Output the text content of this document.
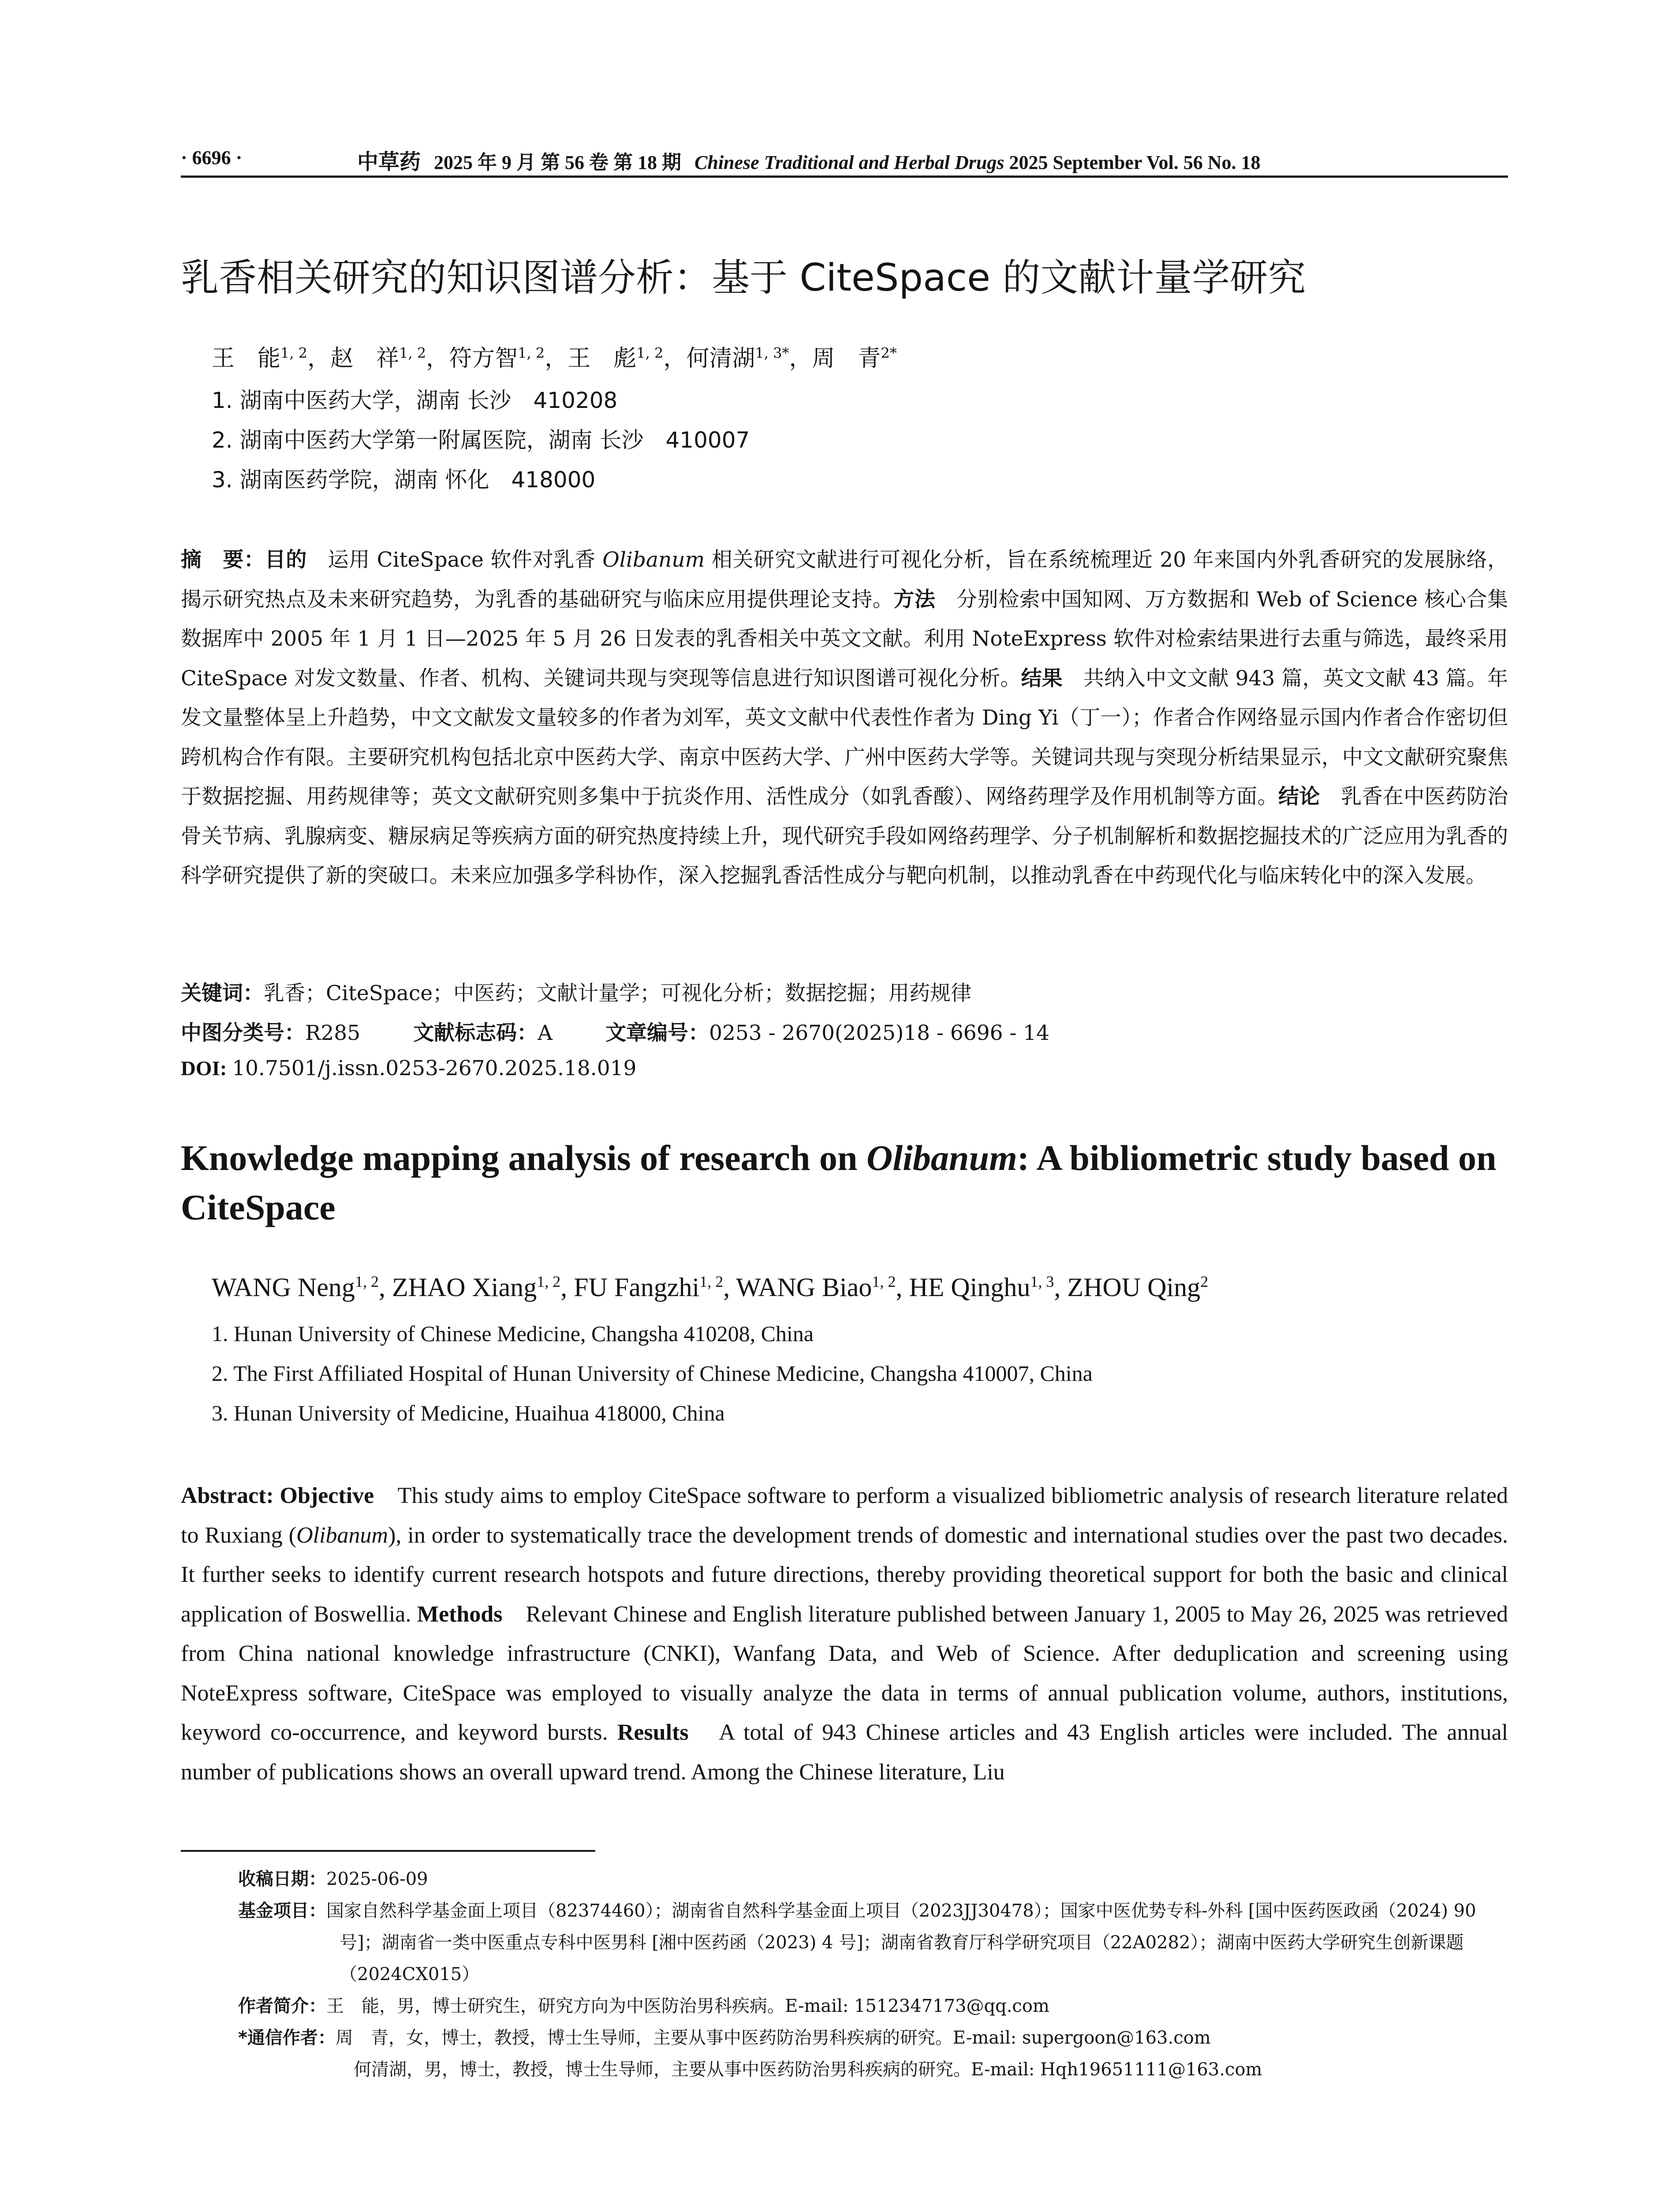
· 6696 ·	中草药 2025 年 9 月 第 56 卷 第 18 期 Chinese Traditional and Herbal Drugs 2025 September Vol. 56 No. 18
乳香相关研究的知识图谱分析：基于 CiteSpace 的文献计量学研究
王　能$^{1, 2}$，赵　祥$^{1, 2}$，符方智$^{1, 2}$，王　彪$^{1, 2}$，何清湖$^{1, 3*}$，周　青$^{2*}$
1. 湖南中医药大学，湖南 长沙　410208
2. 湖南中医药大学第一附属医院，湖南 长沙　410007
3. 湖南医药学院，湖南 怀化　418000

摘　要：目的　运用 CiteSpace 软件对乳香 Olibanum 相关研究文献进行可视化分析，旨在系统梳理近 20 年来国内外乳香研究的发展脉络，揭示研究热点及未来研究趋势，为乳香的基础研究与临床应用提供理论支持。方法　分别检索中国知网、万方数据和 Web of Science 核心合集数据库中 2005 年 1 月 1 日—2025 年 5 月 26 日发表的乳香相关中英文文献。利用 NoteExpress 软件对检索结果进行去重与筛选，最终采用 CiteSpace 对发文数量、作者、机构、关键词共现与突现等信息进行知识图谱可视化分析。结果　共纳入中文文献 943 篇，英文文献 43 篇。年发文量整体呈上升趋势，中文文献发文量较多的作者为刘军，英文文献中代表性作者为 Ding Yi（丁一）；作者合作网络显示国内作者合作密切但跨机构合作有限。主要研究机构包括北京中医药大学、南京中医药大学、广州中医药大学等。关键词共现与突现分析结果显示，中文文献研究聚焦于数据挖掘、用药规律等；英文文献研究则多集中于抗炎作用、活性成分（如乳香酸）、网络药理学及作用机制等方面。结论　乳香在中医药防治骨关节病、乳腺病变、糖尿病足等疾病方面的研究热度持续上升，现代研究手段如网络药理学、分子机制解析和数据挖掘技术的广泛应用为乳香的科学研究提供了新的突破口。未来应加强多学科协作，深入挖掘乳香活性成分与靶向机制，以推动乳香在中药现代化与临床转化中的深入发展。

关键词：乳香；CiteSpace；中医药；文献计量学；可视化分析；数据挖掘；用药规律
中图分类号：R285	文献标志码：A	文章编号：0253 - 2670(2025)18 - 6696 - 14
DOI: 10.7501/j.issn.0253-2670.2025.18.019
Knowledge mapping analysis of research on Olibanum: A bibliometric study based on CiteSpace
WANG Neng$^{1, 2}$, ZHAO Xiang$^{1, 2}$, FU Fangzhi$^{1, 2}$, WANG Biao$^{1, 2}$, HE Qinghu$^{1, 3}$, ZHOU Qing$^2$
1. Hunan University of Chinese Medicine, Changsha 410208, China
2. The First Affiliated Hospital of Hunan University of Chinese Medicine, Changsha 410007, China
3. Hunan University of Medicine, Huaihua 418000, China

Abstract: Objective　This study aims to employ CiteSpace software to perform a visualized bibliometric analysis of research literature related to Ruxiang (Olibanum), in order to systematically trace the development trends of domestic and international studies over the past two decades. It further seeks to identify current research hotspots and future directions, thereby providing theoretical support for both the basic and clinical application of Boswellia. Methods　Relevant Chinese and English literature published between January 1, 2005 to May 26, 2025 was retrieved from China national knowledge infrastructure (CNKI), Wanfang Data, and Web of Science. After deduplication and screening using NoteExpress software, CiteSpace was employed to visually analyze the data in terms of annual publication volume, authors, institutions, keyword co-occurrence, and keyword bursts. Results　A total of 943 Chinese articles and 43 English articles were included. The annual number of publications shows an overall upward trend. Among the Chinese literature, Liu

收稿日期：2025-06-09

基金项目：国家自然科学基金面上项目（82374460）；湖南省自然科学基金面上项目（2023JJ30478）；国家中医优势专科-外科 [国中医药医政函（2024) 90 号]；湖南省一类中医重点专科中医男科 [湘中医药函（2023) 4 号]；湖南省教育厅科学研究项目（22A0282）；湖南中医药大学研究生创新课题（2024CX015）

作者简介：王　能，男，博士研究生，研究方向为中医防治男科疾病。E-mail: 1512347173@qq.com

*通信作者：周　青，女，博士，教授，博士生导师，主要从事中医药防治男科疾病的研究。E-mail: supergoon@163.com

何清湖，男，博士，教授，博士生导师，主要从事中医药防治男科疾病的研究。E-mail: Hqh19651111@163.com
